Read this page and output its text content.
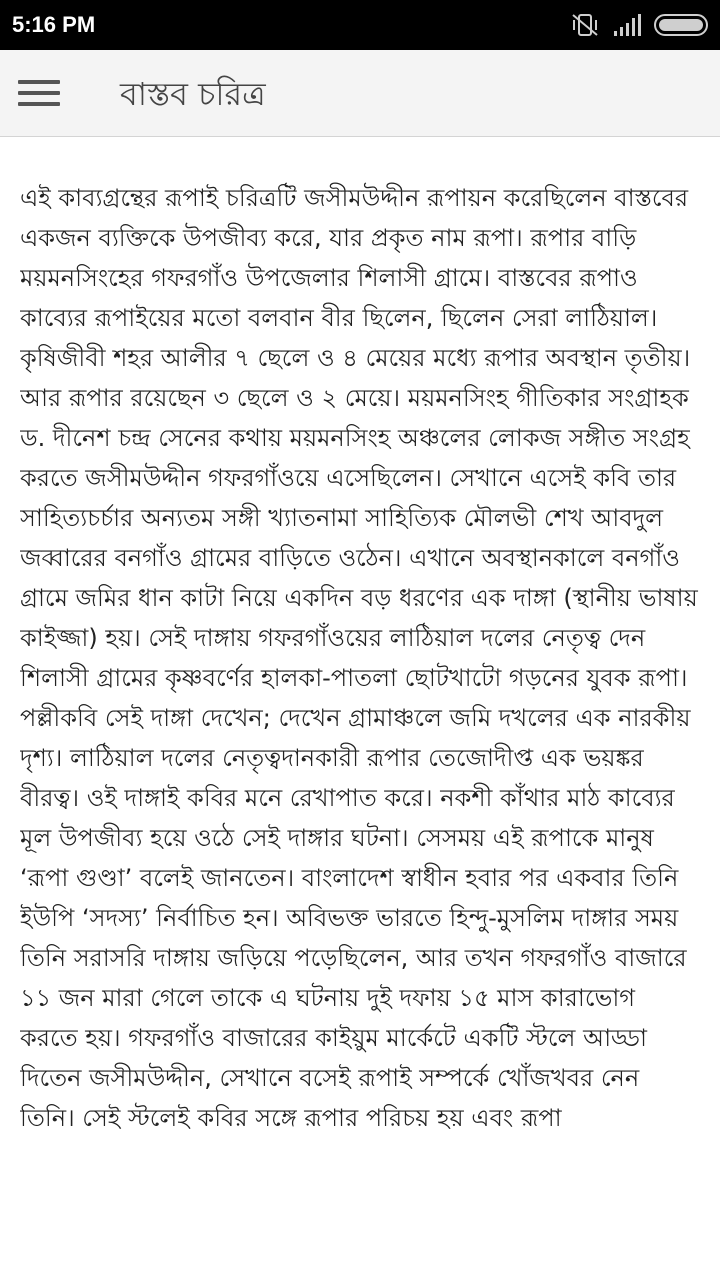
5:16 PM
বাস্তব চরিত্র

এই কাব্যগ্রন্থের রূপাই চরিত্রটি জসীমউদ্দীন রূপায়ন করেছিলেন বাস্তবের একজন ব্যক্তিকে উপজীব্য করে, যার প্রকৃত নাম রূপা। রূপার বাড়ি ময়মনসিংহের গফরগাঁও উপজেলার শিলাসী গ্রামে। বাস্তবের রূপাও কাব্যের রূপাইয়ের মতো বলবান বীর ছিলেন, ছিলেন সেরা লাঠিয়াল। কৃষিজীবী শহর আলীর ৭ ছেলে ও ৪ মেয়ের মধ্যে রূপার অবস্থান তৃতীয়। আর রূপার রয়েছেন ৩ ছেলে ও ২ মেয়ে। ময়মনসিংহ গীতিকার সংগ্রাহক ড. দীনেশ চন্দ্র সেনের কথায় ময়মনসিংহ অঞ্চলের লোকজ সঙ্গীত সংগ্রহ করতে জসীমউদ্দীন গফরগাঁওয়ে এসেছিলেন। সেখানে এসেই কবি তার সাহিত্যচর্চার অন্যতম সঙ্গী খ্যাতনামা সাহিত্যিক মৌলভী শেখ আবদুল জব্বারের বনগাঁও গ্রামের বাড়িতে ওঠেন। এখানে অবস্থানকালে বনগাঁও গ্রামে জমির ধান কাটা নিয়ে একদিন বড় ধরণের এক দাঙ্গা (স্থানীয় ভাষায় কাইজ্জা) হয়। সেই দাঙ্গায় গফরগাঁওয়ের লাঠিয়াল দলের নেতৃত্ব দেন শিলাসী গ্রামের কৃষ্ণবর্ণের হালকা-পাতলা ছোটখাটো গড়নের যুবক রূপা। পল্লীকবি সেই দাঙ্গা দেখেন; দেখেন গ্রামাঞ্চলে জমি দখলের এক নারকীয় দৃশ্য। লাঠিয়াল দলের নেতৃত্বদানকারী রূপার তেজোদীপ্ত এক ভয়ঙ্কর বীরত্ব। ওই দাঙ্গাই কবির মনে রেখাপাত করে। নকশী কাঁথার মাঠ কাব্যের মূল উপজীব্য হয়ে ওঠে সেই দাঙ্গার ঘটনা। সেসময় এই রূপাকে মানুষ ‘রূপা গুণ্ডা’ বলেই জানতেন। বাংলাদেশ স্বাধীন হবার পর একবার তিনি ইউপি ‘সদস্য’ নির্বাচিত হন। অবিভক্ত ভারতে হিন্দু-মুসলিম দাঙ্গার সময় তিনি সরাসরি দাঙ্গায় জড়িয়ে পড়েছিলেন, আর তখন গফরগাঁও বাজারে ১১ জন মারা গেলে তাকে এ ঘটনায় দুই দফায় ১৫ মাস কারাভোগ করতে হয়। গফরগাঁও বাজারের কাইয়ুম মার্কেটে একটি স্টলে আড্ডা দিতেন জসীমউদ্দীন, সেখানে বসেই রূপাই সম্পর্কে খোঁজখবর নেন তিনি। সেই স্টলেই কবির সঙ্গে রূপার পরিচয় হয় এবং রূপা
